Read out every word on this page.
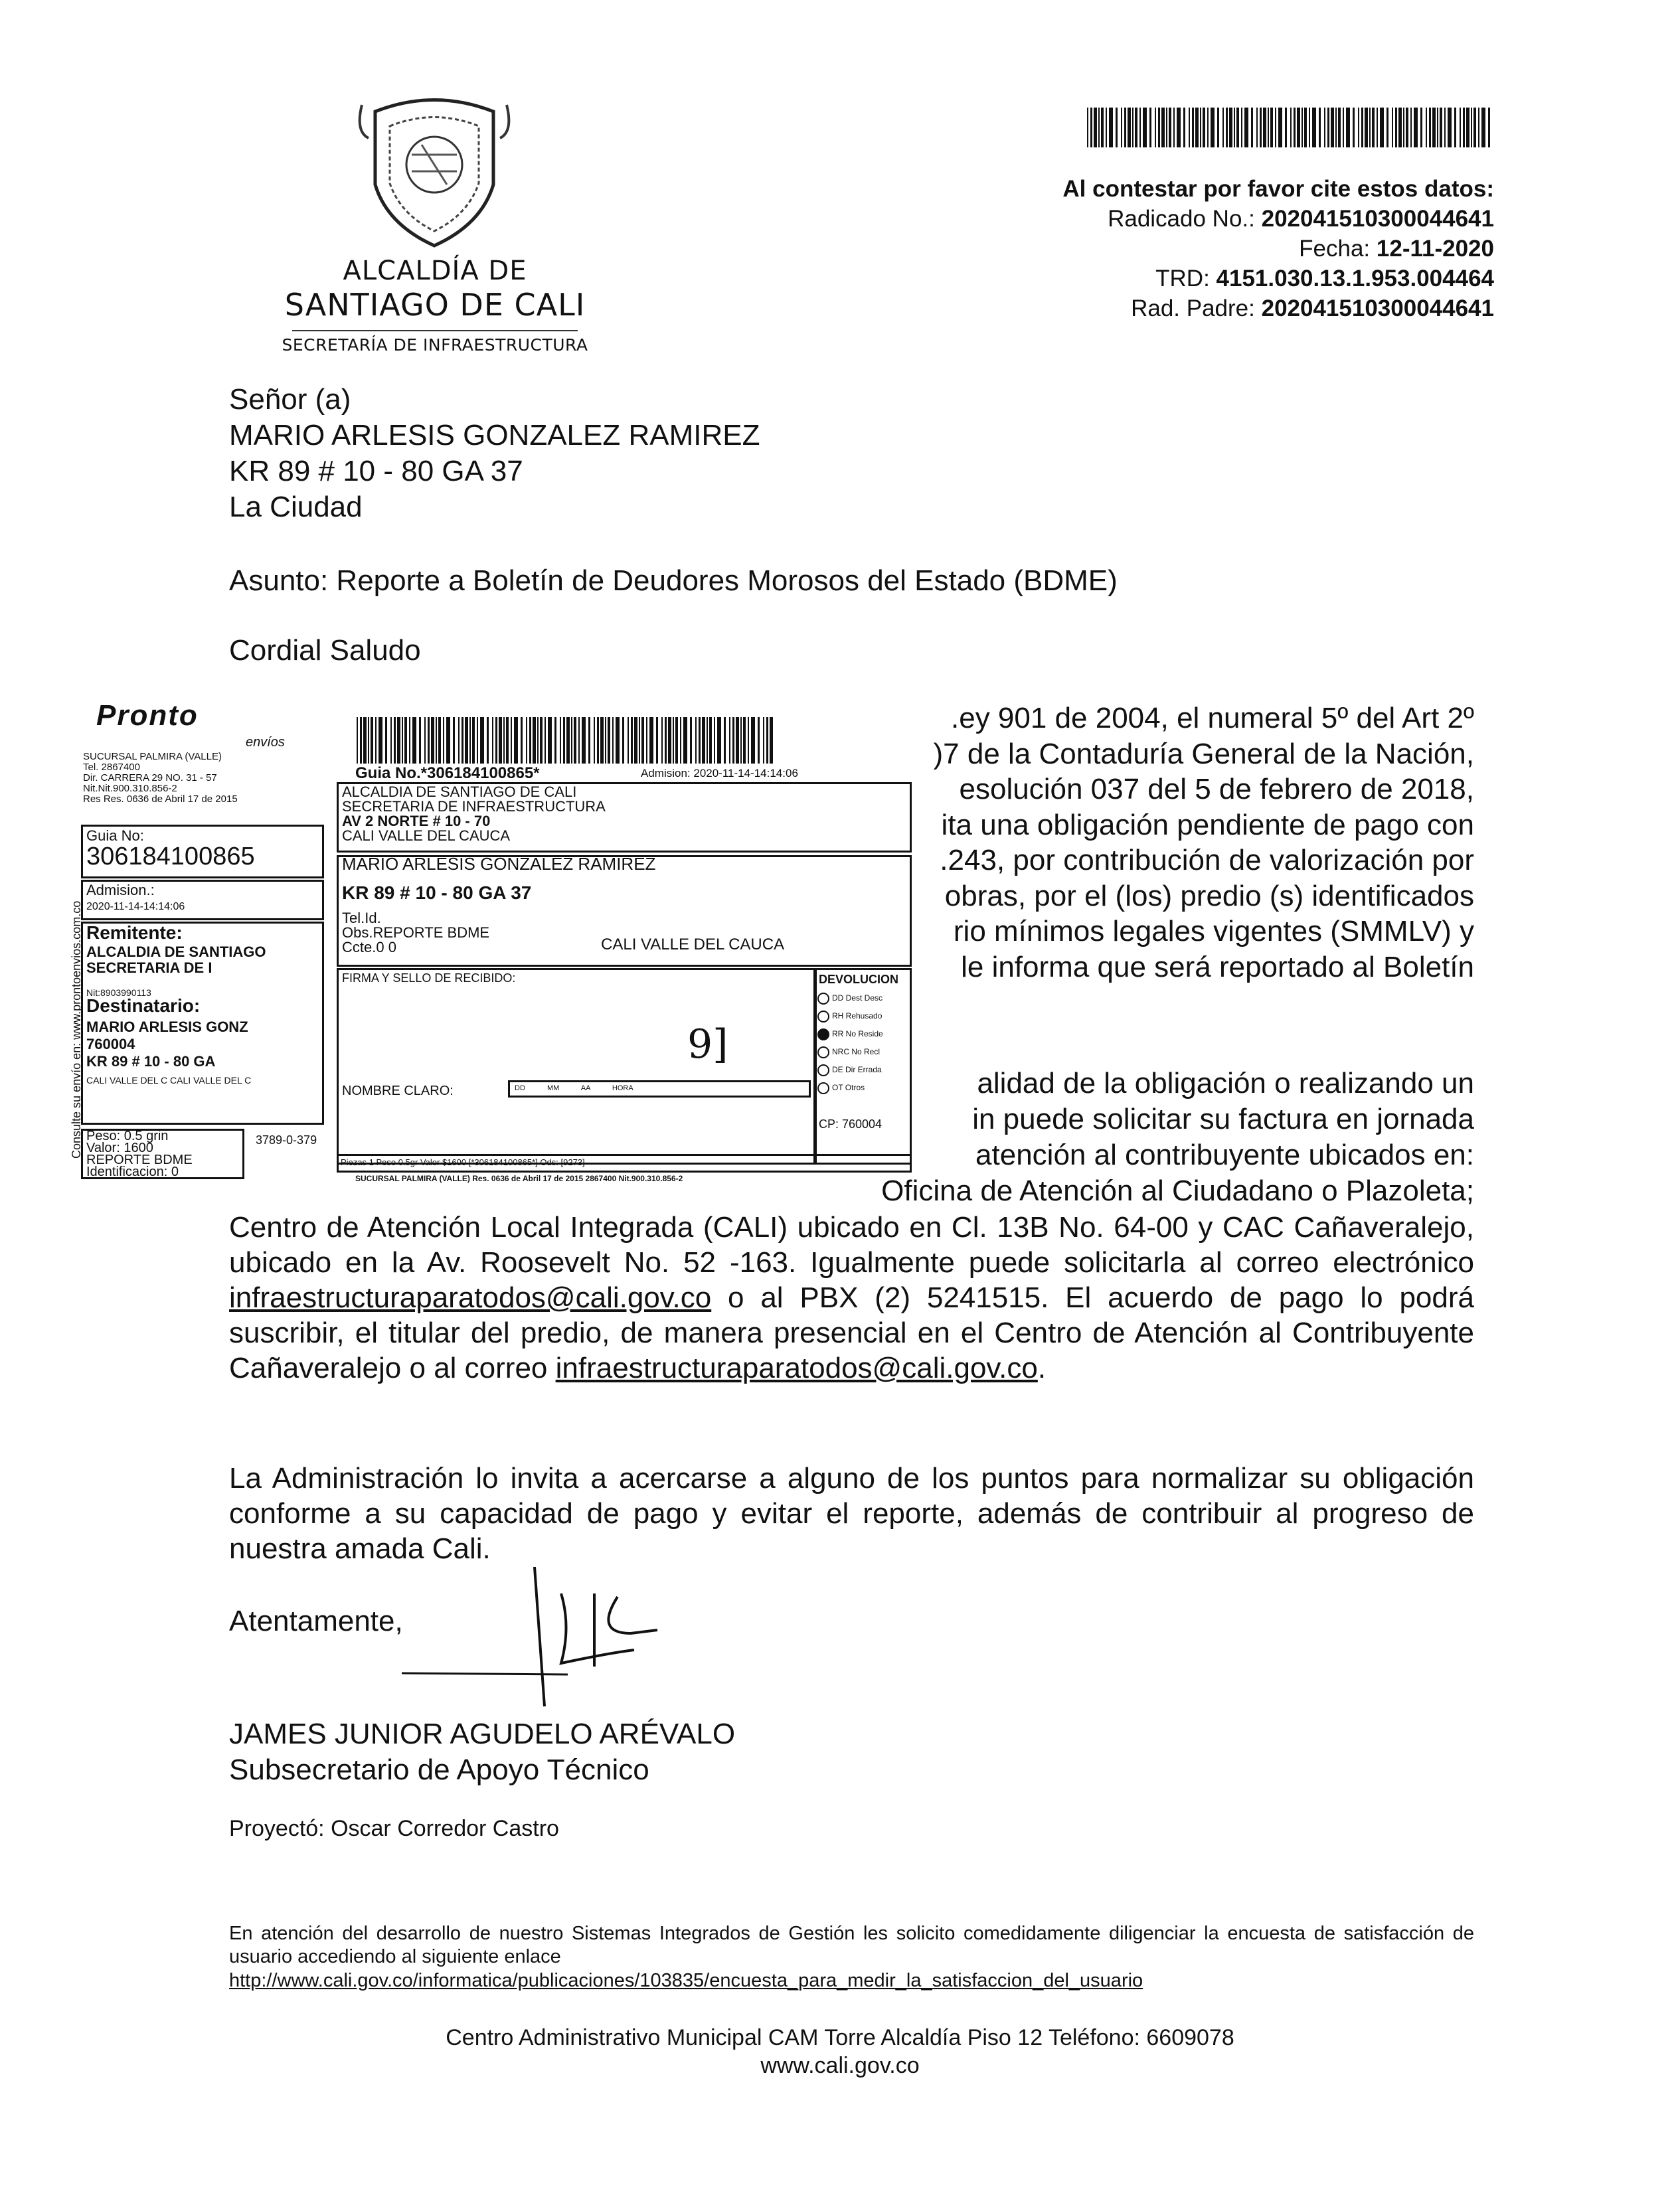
ALCALDÍA DE
SANTIAGO DE CALI
SECRETARÍA DE INFRAESTRUCTURA
Al contestar por favor cite estos datos:
Radicado No.: 202041510300044641
Fecha: 12-11-2020
TRD: 4151.030.13.1.953.004464
Rad. Padre: 202041510300044641
Señor (a)
MARIO ARLESIS GONZALEZ RAMIREZ
KR 89 # 10 - 80 GA 37
La Ciudad
Asunto: Reporte a Boletín de Deudores Morosos del Estado (BDME)
Cordial Saludo
.ey 901 de 2004, el numeral 5º del Art 2º
)7 de la Contaduría General de la Nación,
esolución 037 del 5 de febrero de 2018,
ita una obligación pendiente de pago con
.243, por contribución de valorización por
obras, por el (los) predio (s) identificados
rio mínimos legales vigentes (SMMLV) y
le informa que será reportado al Boletín
alidad de la obligación o realizando un
in puede solicitar su factura en jornada
atención al contribuyente ubicados en:
Oficina de Atención al Ciudadano o Plazoleta;
Centro de Atención Local Integrada (CALI) ubicado en Cl. 13B No. 64-00 y CAC Cañaveralejo, ubicado en la Av. Roosevelt No. 52 -163. Igualmente puede solicitarla al correo electrónico infraestructuraparatodos@cali.gov.co o al PBX (2) 5241515. El acuerdo de pago lo podrá suscribir, el titular del predio, de manera presencial en el Centro de Atención al Contribuyente Cañaveralejo o al correo infraestructuraparatodos@cali.gov.co.
La Administración lo invita a acercarse a alguno de los puntos para normalizar su obligación conforme a su capacidad de pago y evitar el reporte, además de contribuir al progreso de nuestra amada Cali.
Atentamente,
JAMES JUNIOR AGUDELO ARÉVALO
Subsecretario de Apoyo Técnico
Proyectó: Oscar Corredor Castro
En atención del desarrollo de nuestro Sistemas Integrados de Gestión les solicito comedidamente diligenciar la encuesta de satisfacción de usuario accediendo al siguiente enlace
http://www.cali.gov.co/informatica/publicaciones/103835/encuesta_para_medir_la_satisfaccion_del_usuario
Centro Administrativo Municipal CAM Torre Alcaldía Piso 12 Teléfono: 6609078
www.cali.gov.co
Pronto
envíos
SUCURSAL PALMIRA (VALLE)
Tel. 2867400
Dir. CARRERA 29 NO. 31 - 57
Nit.Nit.900.310.856-2
Res Res. 0636 de Abril 17 de 2015
Guia No:
306184100865
Admision.:
2020-11-14-14:14:06
Remitente:
ALCALDIA DE SANTIAGO
SECRETARIA DE I
Nit:8903990113
Destinatario:
MARIO ARLESIS GONZ
760004
KR 89 # 10 - 80 GA
CALI VALLE DEL C CALI VALLE DEL C
Peso: 0.5 grin
Valor: 1600
REPORTE BDME
Identificacion: 0
3789-0-379
Consulte su envío en: www.prontoenvios.com.co
Guia No.*306184100865*	Admision: 2020-11-14-14:14:06
ALCALDIA DE SANTIAGO DE CALI
SECRETARIA DE INFRAESTRUCTURA
AV 2 NORTE # 10 - 70
CALI VALLE DEL CAUCA
MARIO ARLESIS GONZALEZ RAMIREZ
KR 89 # 10 - 80 GA 37
Tel.Id.
Obs.REPORTE BDME
Ccte.0 0	CALI VALLE DEL CAUCA
FIRMA Y SELLO DE RECIBIDO:
9]
NOMBRE CLARO:	DD	MM	AA	HORA
DEVOLUCION
DD Dest Desc
RH Rehusado
RR No Reside
NRC No Recl
DE Dir Errada
OT Otros
CP: 760004
Piezas 1 Peso 0.5gr Valor $1600 [*306184100865*] Ods: [9273]
SUCURSAL PALMIRA (VALLE) Res. 0636 de Abril 17 de 2015 2867400 Nit.900.310.856-2
